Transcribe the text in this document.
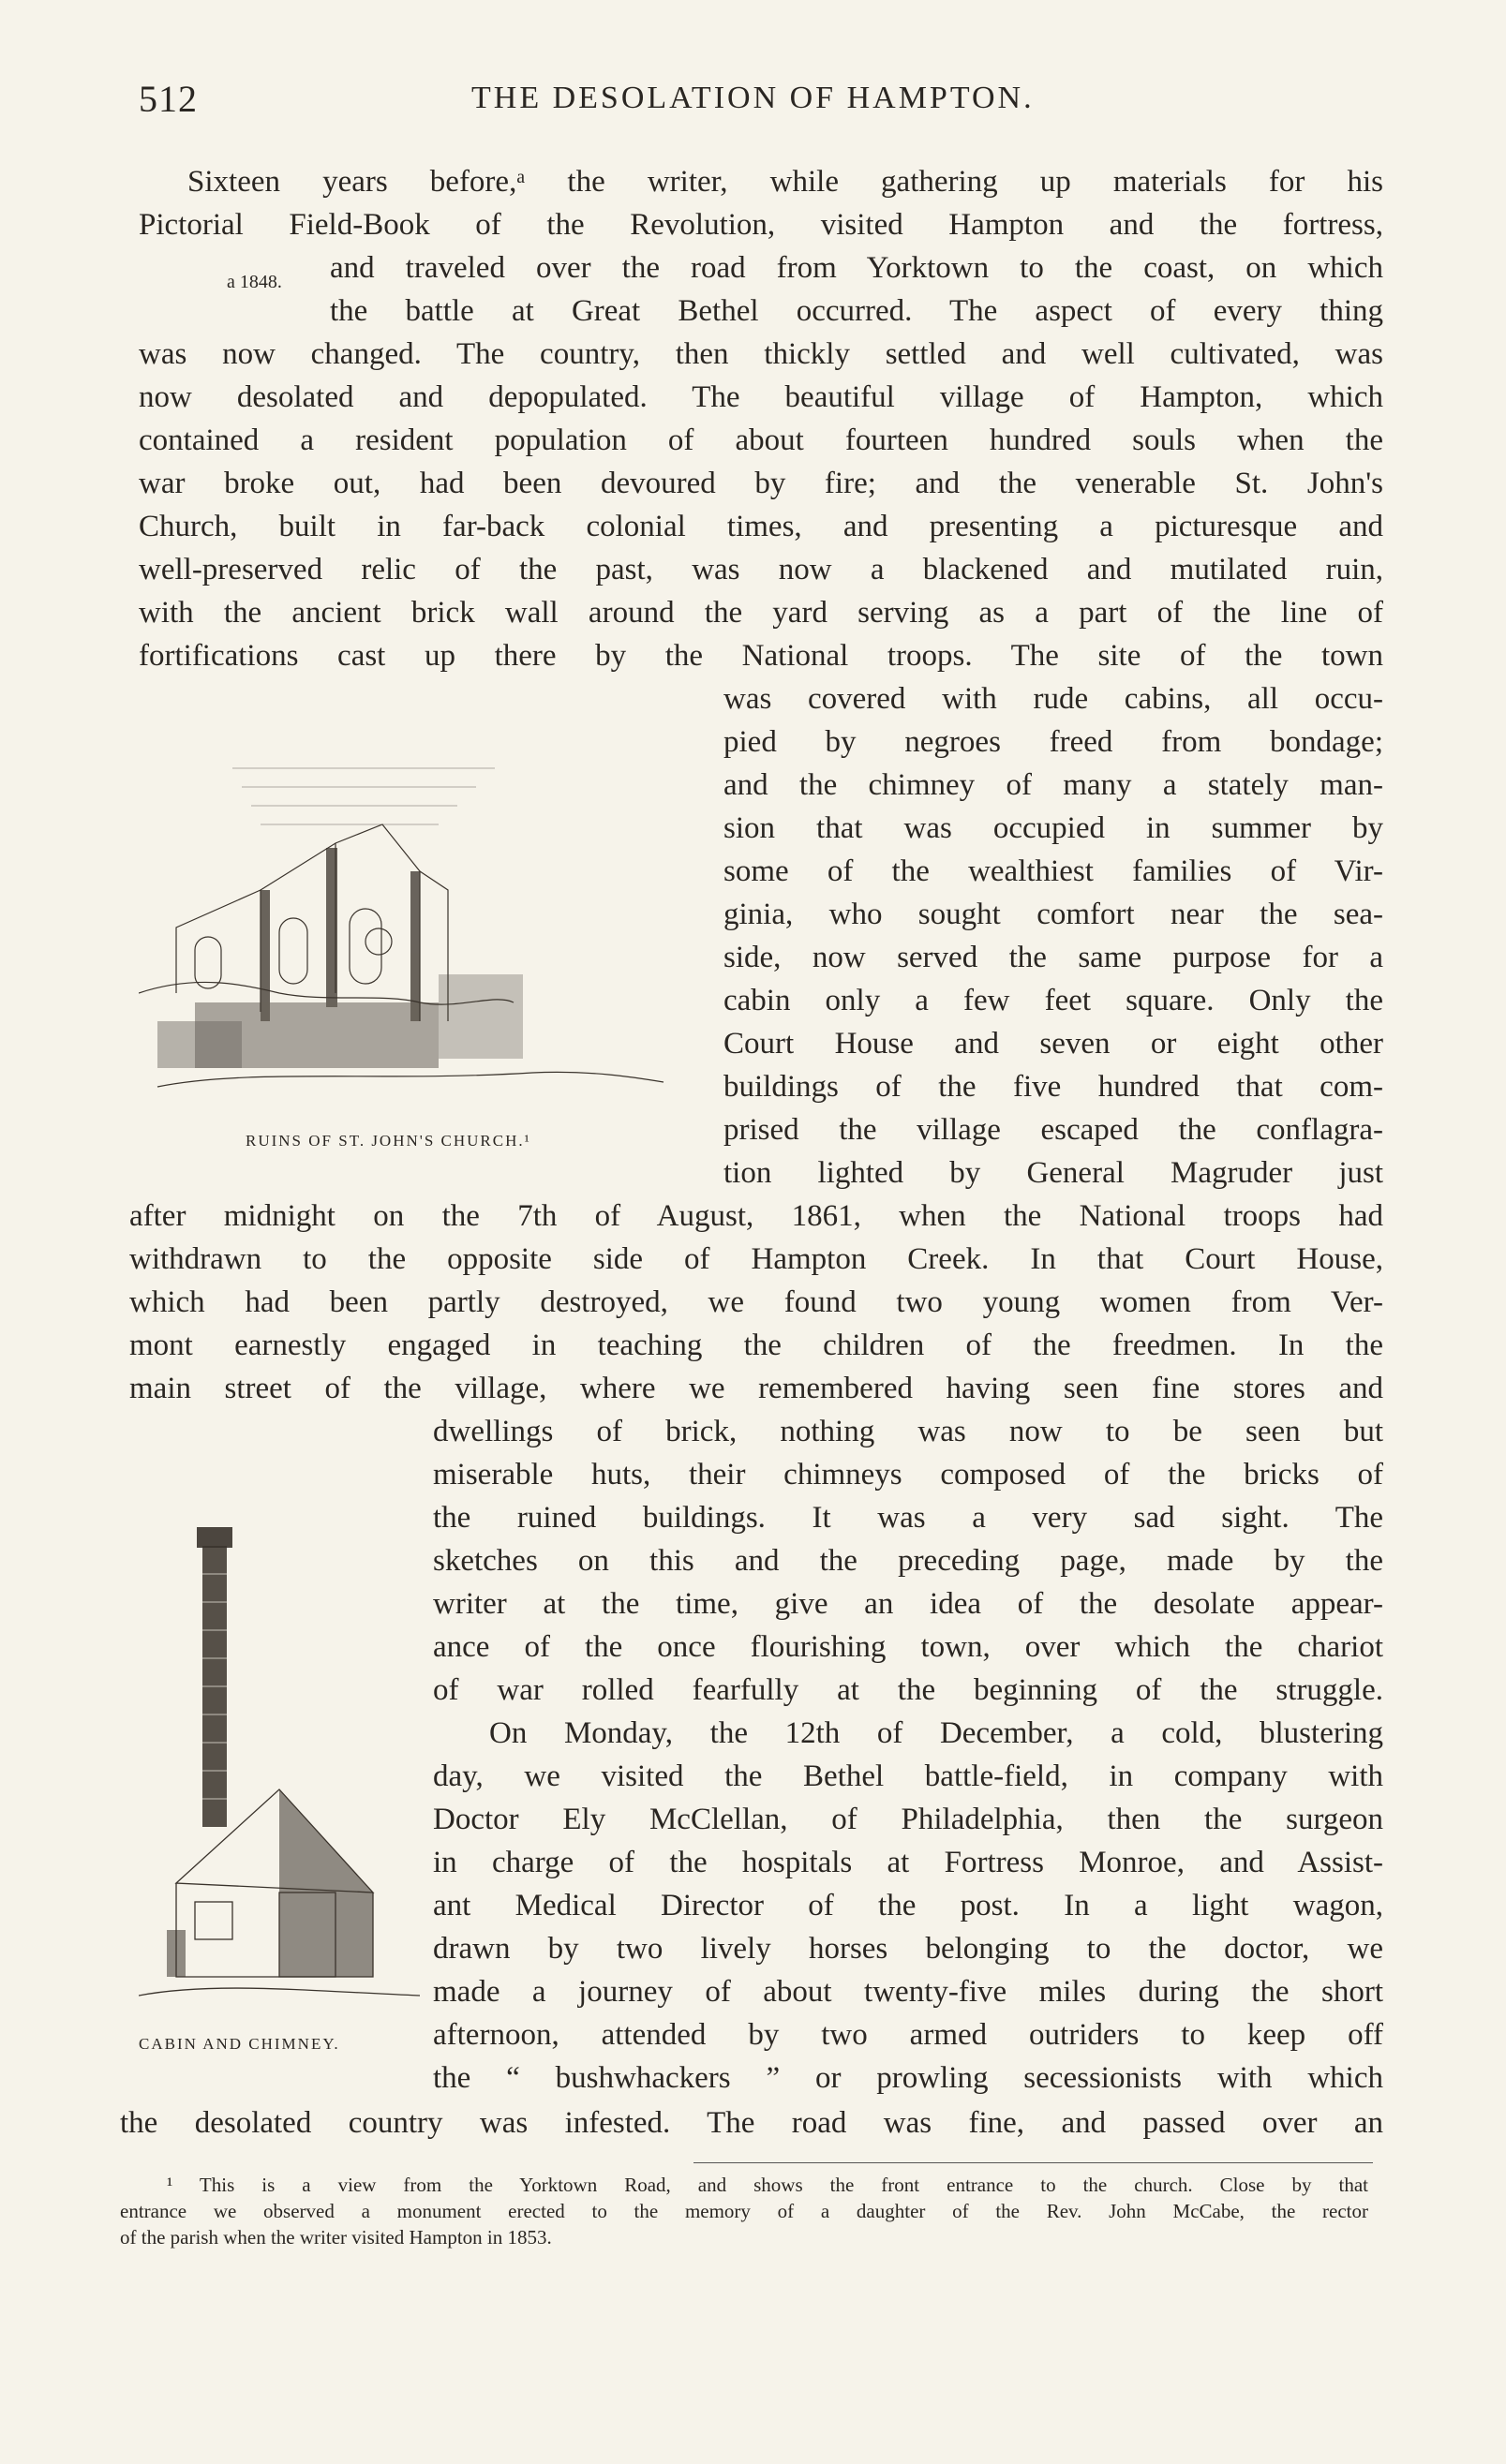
512	THE DESOLATION OF HAMPTON.
a 1848.
RUINS OF ST. JOHN'S CHURCH.¹
CABIN AND CHIMNEY.
Sixteen years before,ᵃ the writer, while gathering up materials for his
Pictorial Field-Book of the Revolution, visited Hampton and the fortress,
and traveled over the road from Yorktown to the coast, on which
the battle at Great Bethel occurred. The aspect of every thing
was now changed. The country, then thickly settled and well cultivated, was
now desolated and depopulated. The beautiful village of Hampton, which
contained a resident population of about fourteen hundred souls when the
war broke out, had been devoured by fire; and the venerable St. John's
Church, built in far-back colonial times, and presenting a picturesque and
well-preserved relic of the past, was now a blackened and mutilated ruin,
with the ancient brick wall around the yard serving as a part of the line of
fortifications cast up there by the National troops. The site of the town
was covered with rude cabins, all occu-
pied by negroes freed from bondage;
and the chimney of many a stately man-
sion that was occupied in summer by
some of the wealthiest families of Vir-
ginia, who sought comfort near the sea-
side, now served the same purpose for a
cabin only a few feet square. Only the
Court House and seven or eight other
buildings of the five hundred that com-
prised the village escaped the conflagra-
tion lighted by General Magruder just
after midnight on the 7th of August, 1861, when the National troops had
withdrawn to the opposite side of Hampton Creek. In that Court House,
which had been partly destroyed, we found two young women from Ver-
mont earnestly engaged in teaching the children of the freedmen. In the
main street of the village, where we remembered having seen fine stores and
dwellings of brick, nothing was now to be seen but
miserable huts, their chimneys composed of the bricks of
the ruined buildings. It was a very sad sight. The
sketches on this and the preceding page, made by the
writer at the time, give an idea of the desolate appear-
ance of the once flourishing town, over which the chariot
of war rolled fearfully at the beginning of the struggle.
On Monday, the 12th of December, a cold, blustering
day, we visited the Bethel battle-field, in company with
Doctor Ely McClellan, of Philadelphia, then the surgeon
in charge of the hospitals at Fortress Monroe, and Assist-
ant Medical Director of the post. In a light wagon,
drawn by two lively horses belonging to the doctor, we
made a journey of about twenty-five miles during the short
afternoon, attended by two armed outriders to keep off
the “ bushwhackers ” or prowling secessionists with which
the desolated country was infested. The road was fine, and passed over an
¹ This is a view from the Yorktown Road, and shows the front entrance to the church. Close by that
entrance we observed a monument erected to the memory of a daughter of the Rev. John McCabe, the rector
of the parish when the writer visited Hampton in 1853.
